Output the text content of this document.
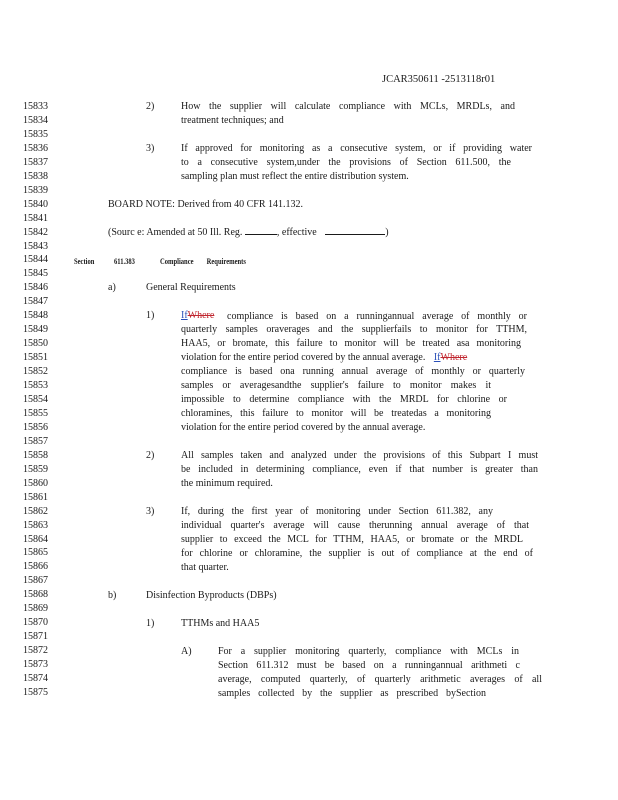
JCAR350611 -2513118r01
15833
15834
15835
15836
15837
15838
15839
15840
15841
15842
15843
15844
15845
15846
15847
15848
15849
15850
15851
15852
15853
15854
15855
15856
15857
15858
15859
15860
15861
15862
15863
15864
15865
15866
15867
15868
15869
15870
15871
15872
15873
15874
15875
2)	How the supplier will calculate compliance with MCLs, MRDLs, and
treatment techniques; and
3)	If approved for monitoring as a consecutive system, or if providing water
to a consecutive system,under the provisions of Section 611.500, the
sampling plan must reflect the entire distribution system.
BOARD NOTE: Derived from 40 CFR 141.132.
(Sourc e: Amended at 50 Ill. Reg.	, effective	)
Section 611.383	Compliance Requirements
a)	General Requirements
1)	IfWhere compliance is based on a runningannual average of monthly or
quarterly samples oraverages and the supplierfails to monitor for TTHM,
HAA5, or bromate, this failure to monitor will be treated asa monitoring
violation for the entire period covered by the annual average. IfWhere
compliance is based ona running annual average of monthly or quarterly
samples or averagesandthe supplier's failure to monitor makes it
impossible to determine compliance with the MRDL for chlorine or
chloramines, this failure to monitor will be treatedas a monitoring
violation for the entire period covered by the annual average.
2)	All samples taken and analyzed under the provisions of this Subpart I must
be included in determining compliance, even if that number is greater than
the minimum required.
3)	If, during the first year of monitoring under Section 611.382, any
individual quarter's average will cause therunning annual average of that
supplier to exceed the MCL for TTHM, HAA5, or bromate or the MRDL
for chlorine or chloramine, the supplier is out of compliance at the end of
that quarter.
b)	Disinfection Byproducts (DBPs)
1)	TTHMs and HAA5
A)	For a supplier monitoring quarterly, compliance with MCLs in
Section 611.312 must be based on a runningannual arithmeti c
average, computed quarterly, of quarterly arithmetic averages of all
samples collected by the supplier as prescribed bySection
